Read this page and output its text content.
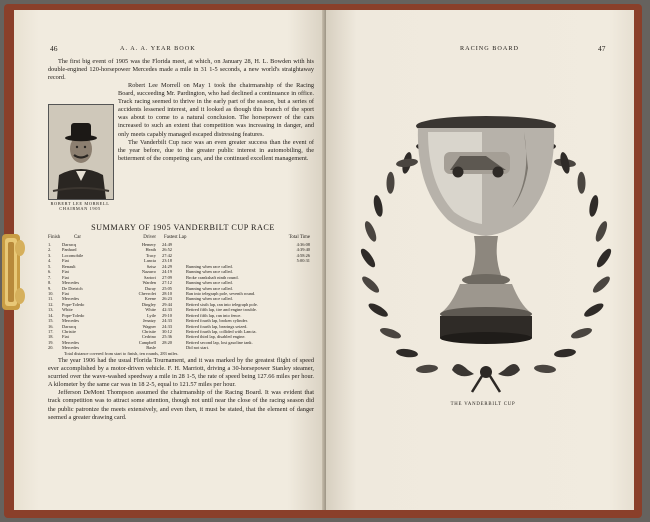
46	A. A. A. YEAR BOOK

The first big event of 1905 was the Florida meet, at which, on January 28, H. L. Bowden with his double-engined 120-horsepower Mercedes made a mile in 31 1-5 seconds, a new world's straightaway record.

ROBERT LEE MORRELL
CHAIRMAN 1905

Robert Lee Morrell on May 1 took the chairmanship of the Racing Board, succeeding Mr. Pardington, who had declined a continuance in office. Track racing seemed to thrive in the early part of the season, but a series of accidents lessened interest, and it looked as though this branch of the sport was about to come to a natural conclusion. The horsepower of the cars increased to such an extent that competition was increasing in danger, and only meets capably managed escaped distressing features.

The Vanderbilt Cup race was an even greater success than the event of the year before, due to the greater public interest in automobiling, the betterment of the competing cars, and the continued excellent management.

SUMMARY OF 1905 VANDERBILT CUP RACE
Finish	Car	Driver Fastest Lap	Total Time
1.	Darracq	Hemery 24:49	4:36:08
2.	Panhard	Heath 26:52	4:39:40
3.	Locomobile	Tracy 27:42	4:58:26
4.	Fiat	Lancia 23:18	5:00:31
5.	Renault	Szisz 24:29	Running when race called.
6.	Fiat	Nazarro 24:19	Running when race called.
7.	Fiat	Sartori 27:09	Broke crankshaft ninth round.
8.	Mercedes	Warden 27:12	Running when race called.
9.	De Dietrich	Duray 25:05	Running when race called.
10.	Fiat	Chevrolet 28:10	Ran into telegraph pole, seventh round.
11.	Mercedes	Keene 26:23	Running when race called.
12.	Pope-Toledo	Dingley 29:44	Retired sixth lap, ran into telegraph pole.
13.	White	White 42:33	Retired fifth lap, tire and engine trouble.
14.	Pope-Toledo	Lytle 29:10	Retired fifth lap, ran into fence.
15.	Mercedes	Jenatzy 24:33	Retired fourth lap, broken cylinder.
16.	Darracq	Wagner 24:33	Retired fourth lap, bearings seized.
17.	Christie	Christie 30:12	Retired fourth lap, collided with Lancia.
18.	Fiat	Cedrino 25:36	Retired third lap, disabled engine.
19.	Mercedes	Campbell 28:20	Retired second lap, lost gasoline tank.
20.	Mercedes	Basle	Did not start.
Total distance covered from start to finish, ten rounds, 283 miles.

The year 1906 had the usual Florida Tournament, and it was marked by the greatest flight of speed ever accomplished by a motor-driven vehicle. F. H. Marriott, driving a 30-horsepower Stanley steamer, scurried over the wave-washed speedway a mile in 28 1-5, the rate of speed being 127.66 miles per hour. A kilometer by the same car was in 18 2-5, equal to 121.57 miles per hour.

Jefferson DeMont Thompson assumed the chairmanship of the Racing Board. It was evident that track competition was to attract some attention, though not until near the close of the racing season did the public patronize the meets extensively, and even then, it must be stated, that the element of danger seemed a greater drawing card.

RACING BOARD	47
THE VANDERBILT CUP
